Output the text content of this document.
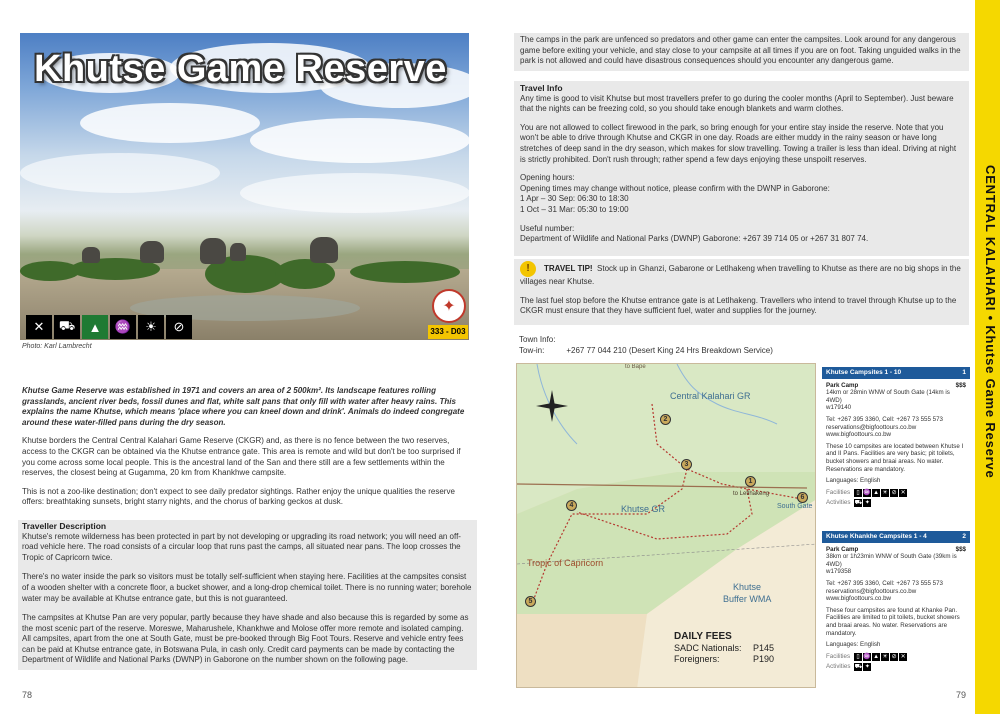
Khutse Game Reserve
✕	⛟	▲	♒	☀	⊘
✦
333 - D03
Photo: Karl Lambrecht

Khutse Game Reserve was established in 1971 and covers an area of 2 500km². Its landscape features rolling grasslands, ancient river beds, fossil dunes and flat, white salt pans that only fill with water after heavy rains. This explains the name Khutse, which means 'place where you can kneel down and drink'. Animals do indeed congregate around these water-filled pans during the dry season.

Khutse borders the Central Central Kalahari Game Reserve (CKGR) and, as there is no fence between the two reserves, access to the CKGR can be obtained via the Khutse entrance gate. This area is remote and wild but don't be too surprised if you come across some local people. This is the ancestral land of the San and there still are a few settlements within the reserves, the closest being at Gugamma, 20 km from Khankhwe campsite.

This is not a zoo-like destination; don't expect to see daily predator sightings. Rather enjoy the unique qualities the reserve offers: breathtaking sunsets, bright starry nights, and the chorus of barking geckos at dusk.

Traveller Description

Khutse's remote wilderness has been protected in part by not developing or upgrading its road network; you will need an off-road vehicle here. The road consists of a circular loop that runs past the camps, all situated near pans. The loop crosses the Tropic of Capricorn twice.

There's no water inside the park so visitors must be totally self-sufficient when staying here. Facilities at the campsites consist of a wooden shelter with a concrete floor, a bucket shower, and a long-drop chemical toilet. There is no running water; borehole water may be available at Khutse entrance gate, but this is not guaranteed.

The campsites at Khutse Pan are very popular, partly because they have shade and also because this is regarded by some as the most scenic part of the reserve. Moreswe, Maharushele, Khankhwe and Molose offer more remote and isolated camping. All campsites, apart from the one at South Gate, must be pre-booked through Big Foot Tours. Reserve and vehicle entry fees can be paid at Khutse entrance gate, in Botswana Pula, in cash only. Credit card payments can be made by contacting the Department of Wildlife and National Parks (DWNP) in Gaborone on the number shown on the following page.

78

The camps in the park are unfenced so predators and other game can enter the campsites. Look around for any dangerous game before exiting your vehicle, and stay close to your campsite at all times if you are on foot. Taking unguided walks in the park is not allowed and could have disastrous consequences should you encounter any dangerous game.

Travel Info

Any time is good to visit Khutse but most travellers prefer to go during the cooler months (April to September). Just beware that the nights can be freezing cold, so you should take enough blankets and warm clothes.

You are not allowed to collect firewood in the park, so bring enough for your entire stay inside the reserve. Note that you won't be able to drive through Khutse and CKGR in one day. Roads are either muddy in the rainy season or have long stretches of deep sand in the dry season, which makes for slow travelling. Towing a trailer is less than ideal. Driving at night is strictly prohibited. Don't rush through; rather spend a few days enjoying these unspoilt reserves.

Opening hours:
Opening times may change without notice, please confirm with the DWNP in Gaborone:
1 Apr – 30 Sep: 06:30 to 18:30
1 Oct – 31 Mar: 05:30 to 19:00
Useful number:
Department of Wildlife and National Parks (DWNP) Gaborone: +267 39 714 05 or +267 31 807 74.

! TRAVEL TIP! Stock up in Ghanzi, Gabarone or Letlhakeng when travelling to Khutse as there are no big shops in the villages near Khutse.

The last fuel stop before the Khutse entrance gate is at Letlhakeng. Travellers who intend to travel through Khutse up to the CKGR must ensure that they have sufficient fuel, water and supplies for the journey.

Town Info:
Tow-in:	+267 77 044 210 (Desert King 24 Hrs Breakdown Service)
to Bape
Central Kalahari GR
Khutse GR
Tropic of Capricorn
Khutse
Buffer WMA
to Letlhakeng
South Gate
1
2
3
4
5
6
DAILY FEES
SADC Nationals: P145
Foreigners:	P190
Khutse Campsites 1 - 10	1
Park Camp	$$$
14km or 28min WNW of South Gate (14km is 4WD)

w179140

Tel: +267 395 3360, Cell: +267 73 555 573
reservations@bigfoottours.co.bw

www.bigfoottours.co.bw

These 10 campsites are located between Khutse I and II Pans. Facilities are very basic; pit toilets, bucket showers and braai areas. No water. Reservations are mandatory.

Languages: English

Facilities	▯ ♒ ▲ ☀ ⊘ ✕
Activities ⛟ ✦
Khutse Khankhe Campsites 1 - 4	2
Park Camp	$$$
38km or 1h23min WNW of South Gate (39km is 4WD)

w179358

Tel: +267 395 3360, Cell: +267 73 555 573
reservations@bigfoottours.co.bw

www.bigfoottours.co.bw

These four campsites are found at Khanke Pan. Facilities are limited to pit toilets, bucket showers and braai areas. No water. Reservations are mandatory.

Languages: English

Facilities	▯ ♒ ▲ ☀ ⊘ ✕
Activities ⛟ ✦
79
CENTRAL KALAHARI • Khutse Game Reserve
